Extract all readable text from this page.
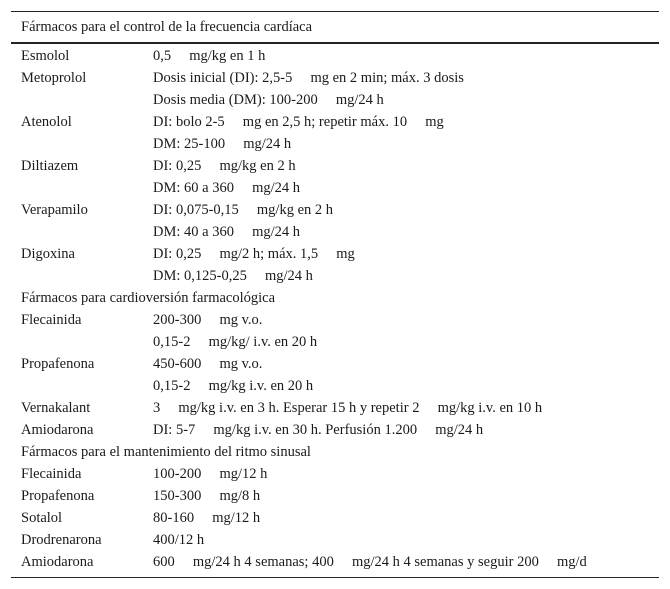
Fármacos para el control de la frecuencia cardíaca
Esmolol	0,5  mg/kg en 1 h
Metoprolol	Dosis inicial (DI): 2,5-5  mg en 2 min; máx. 3 dosis
Dosis media (DM): 100-200  mg/24 h
Atenolol	DI: bolo 2-5  mg en 2,5 h; repetir máx. 10  mg
DM: 25-100  mg/24 h
Diltiazem	DI: 0,25  mg/kg en 2 h
DM: 60 a 360  mg/24 h
Verapamilo	DI: 0,075-0,15  mg/kg en 2 h
DM: 40 a 360  mg/24 h
Digoxina	DI: 0,25  mg/2 h; máx. 1,5  mg
DM: 0,125-0,25  mg/24 h
Fármacos para cardioversión farmacológica
Flecainida	200-300  mg v.o.
0,15-2  mg/kg/ i.v. en 20 h
Propafenona	450-600  mg v.o.
0,15-2  mg/kg i.v. en 20 h
Vernakalant	3  mg/kg i.v. en 3 h. Esperar 15 h y repetir 2  mg/kg i.v. en 10 h
Amiodarona	DI: 5-7  mg/kg i.v. en 30 h. Perfusión 1.200  mg/24 h
Fármacos para el mantenimiento del ritmo sinusal
Flecainida	100-200  mg/12 h
Propafenona	150-300  mg/8 h
Sotalol	80-160  mg/12 h
Drodrenarona	400/12 h
Amiodarona	600  mg/24 h 4 semanas; 400  mg/24 h 4 semanas y seguir 200  mg/d
